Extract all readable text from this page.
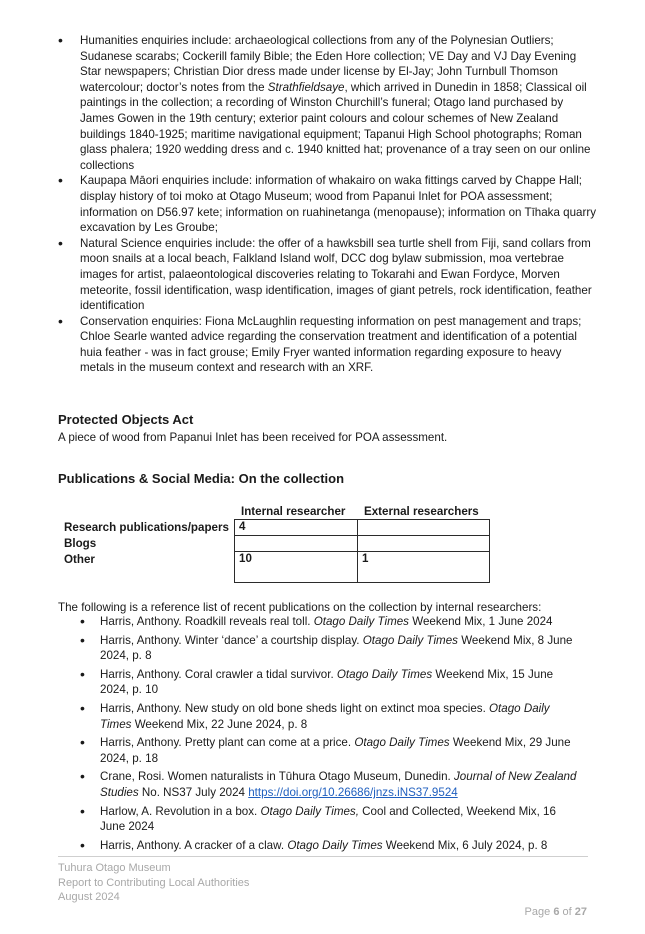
• Humanities enquiries include: archaeological collections from any of the Polynesian Outliers; Sudanese scarabs; Cockerill family Bible; the Eden Hore collection; VE Day and VJ Day Evening Star newspapers; Christian Dior dress made under license by El-Jay; John Turnbull Thomson watercolour; doctor’s notes from the Strathfieldsaye, which arrived in Dunedin in 1858; Classical oil paintings in the collection; a recording of Winston Churchill’s funeral; Otago land purchased by James Gowen in the 19th century; exterior paint colours and colour schemes of New Zealand buildings 1840-1925; maritime navigational equipment; Tapanui High School photographs; Roman glass phalera; 1920 wedding dress and c. 1940 knitted hat; provenance of a tray seen on our online collections
• Kaupapa Māori enquiries include: information of whakairo on waka fittings carved by Chappe Hall; display history of toi moko at Otago Museum; wood from Papanui Inlet for POA assessment; information on D56.97 kete; information on ruahinetanga (menopause); information on Tīhaka quarry excavation by Les Groube;
• Natural Science enquiries include: the offer of a hawksbill sea turtle shell from Fiji, sand collars from moon snails at a local beach, Falkland Island wolf, DCC dog bylaw submission, moa vertebrae images for artist, palaeontological discoveries relating to Tokarahi and Ewan Fordyce, Morven meteorite, fossil identification, wasp identification, images of giant petrels, rock identification, feather identification
• Conservation enquiries: Fiona McLaughlin requesting information on pest management and traps; Chloe Searle wanted advice regarding the conservation treatment and identification of a potential huia feather - was in fact grouse; Emily Fryer wanted information regarding exposure to heavy metals in the museum context and research with an XRF.
Protected Objects Act
A piece of wood from Papanui Inlet has been received for POA assessment.
Publications & Social Media: On the collection
Internal researcher External researchers
Research publications/papers
Blogs
Other
4
10	1
The following is a reference list of recent publications on the collection by internal researchers:
• Harris, Anthony. Roadkill reveals real toll. Otago Daily Times Weekend Mix, 1 June 2024
• Harris, Anthony. Winter ‘dance’ a courtship display. Otago Daily Times Weekend Mix, 8 June 2024, p. 8
• Harris, Anthony. Coral crawler a tidal survivor. Otago Daily Times Weekend Mix, 15 June 2024, p. 10
• Harris, Anthony. New study on old bone sheds light on extinct moa species. Otago Daily Times Weekend Mix, 22 June 2024, p. 8
• Harris, Anthony. Pretty plant can come at a price. Otago Daily Times Weekend Mix, 29 June 2024, p. 18
• Crane, Rosi. Women naturalists in Tūhura Otago Museum, Dunedin. Journal of New Zealand Studies No. NS37 July 2024 https://doi.org/10.26686/jnzs.iNS37.9524
• Harlow, A. Revolution in a box. Otago Daily Times, Cool and Collected, Weekend Mix, 16 June 2024
• Harris, Anthony. A cracker of a claw. Otago Daily Times Weekend Mix, 6 July 2024, p. 8
Tuhura Otago Museum
Report to Contributing Local Authorities
August 2024
Page 6 of 27
